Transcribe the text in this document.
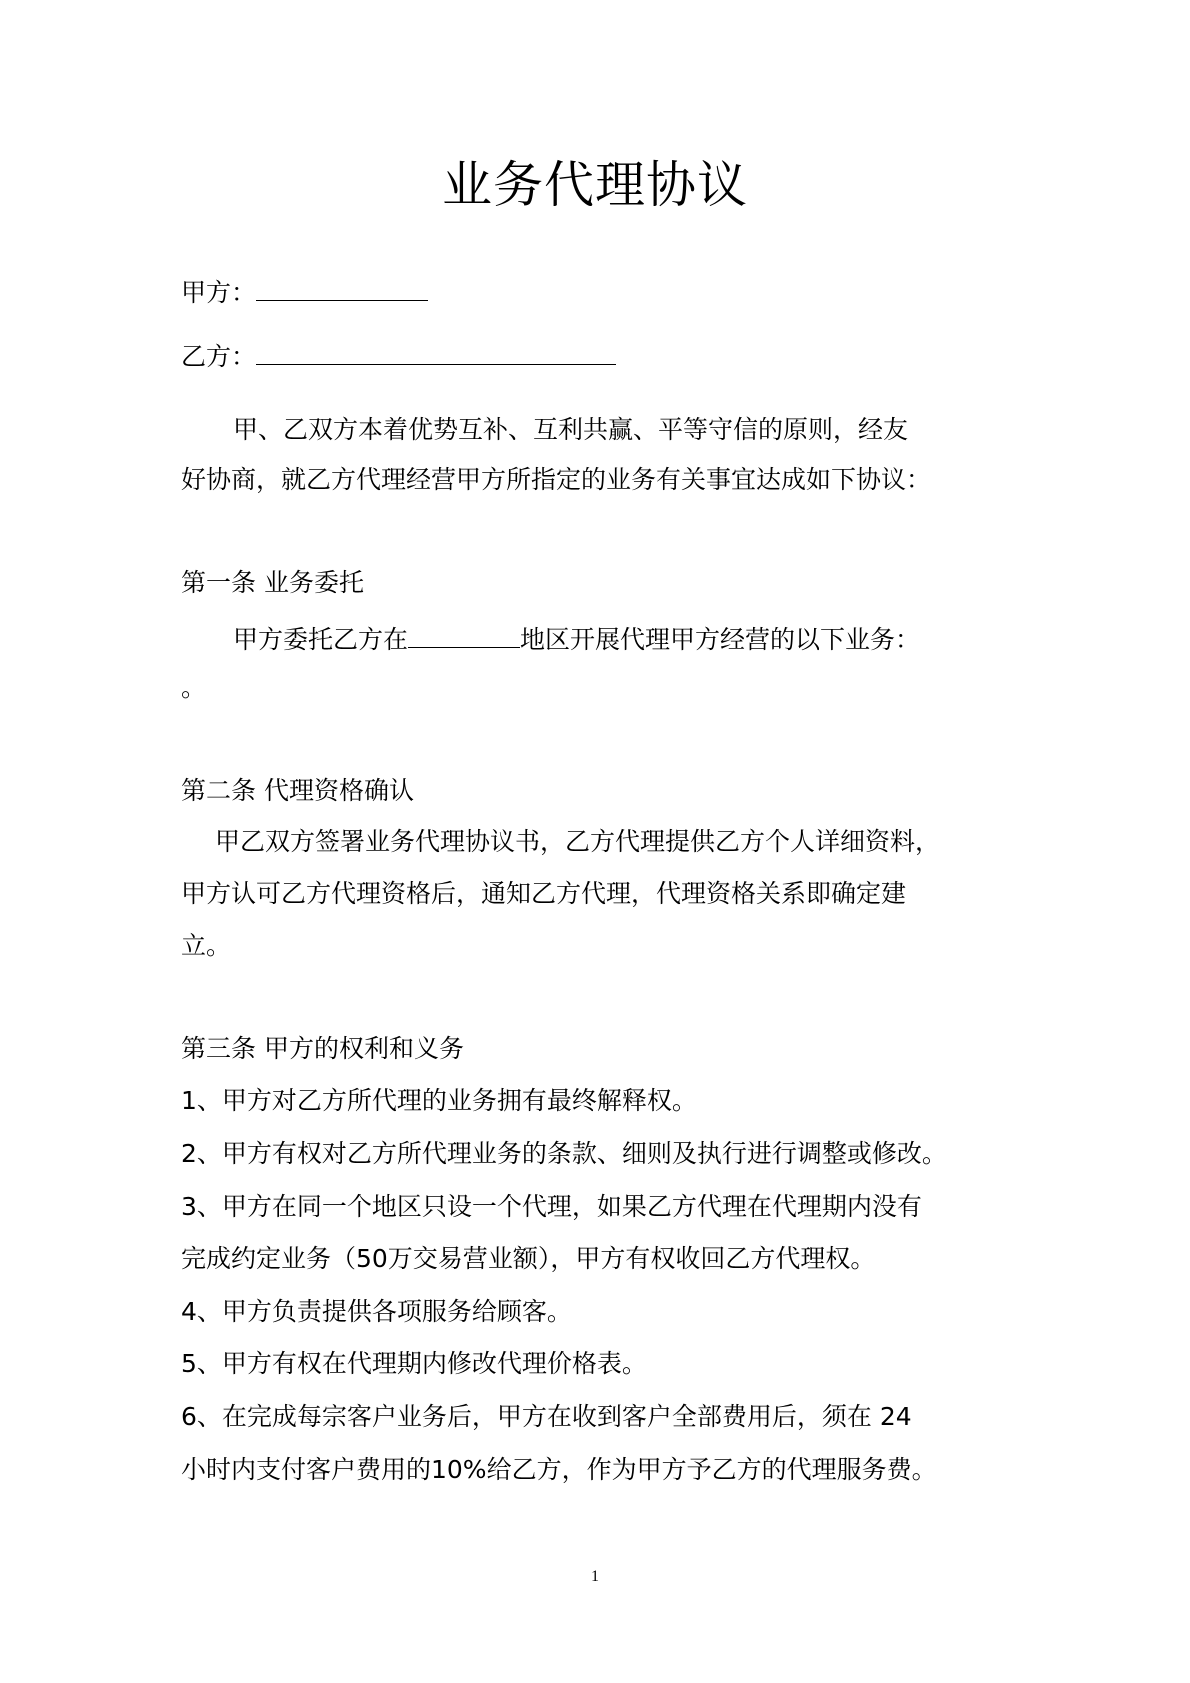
业务代理协议
甲方：
乙方：
甲、乙双方本着优势互补、互利共赢、平等守信的原则，经友
好协商，就乙方代理经营甲方所指定的业务有关事宜达成如下协议：
第一条 业务委托
甲方委托乙方在	地区开展代理甲方经营的以下业务：
。
第二条 代理资格确认
甲乙双方签署业务代理协议书，乙方代理提供乙方个人详细资料，
甲方认可乙方代理资格后，通知乙方代理，代理资格关系即确定建
立。
第三条 甲方的权利和义务
1、甲方对乙方所代理的业务拥有最终解释权。
2、甲方有权对乙方所代理业务的条款、细则及执行进行调整或修改。
3、甲方在同一个地区只设一个代理，如果乙方代理在代理期内没有
完成约定业务（50万交易营业额），甲方有权收回乙方代理权。
4、甲方负责提供各项服务给顾客。
5、甲方有权在代理期内修改代理价格表。
6、在完成每宗客户业务后，甲方在收到客户全部费用后，须在 24
小时内支付客户费用的10%给乙方，作为甲方予乙方的代理服务费。
1
